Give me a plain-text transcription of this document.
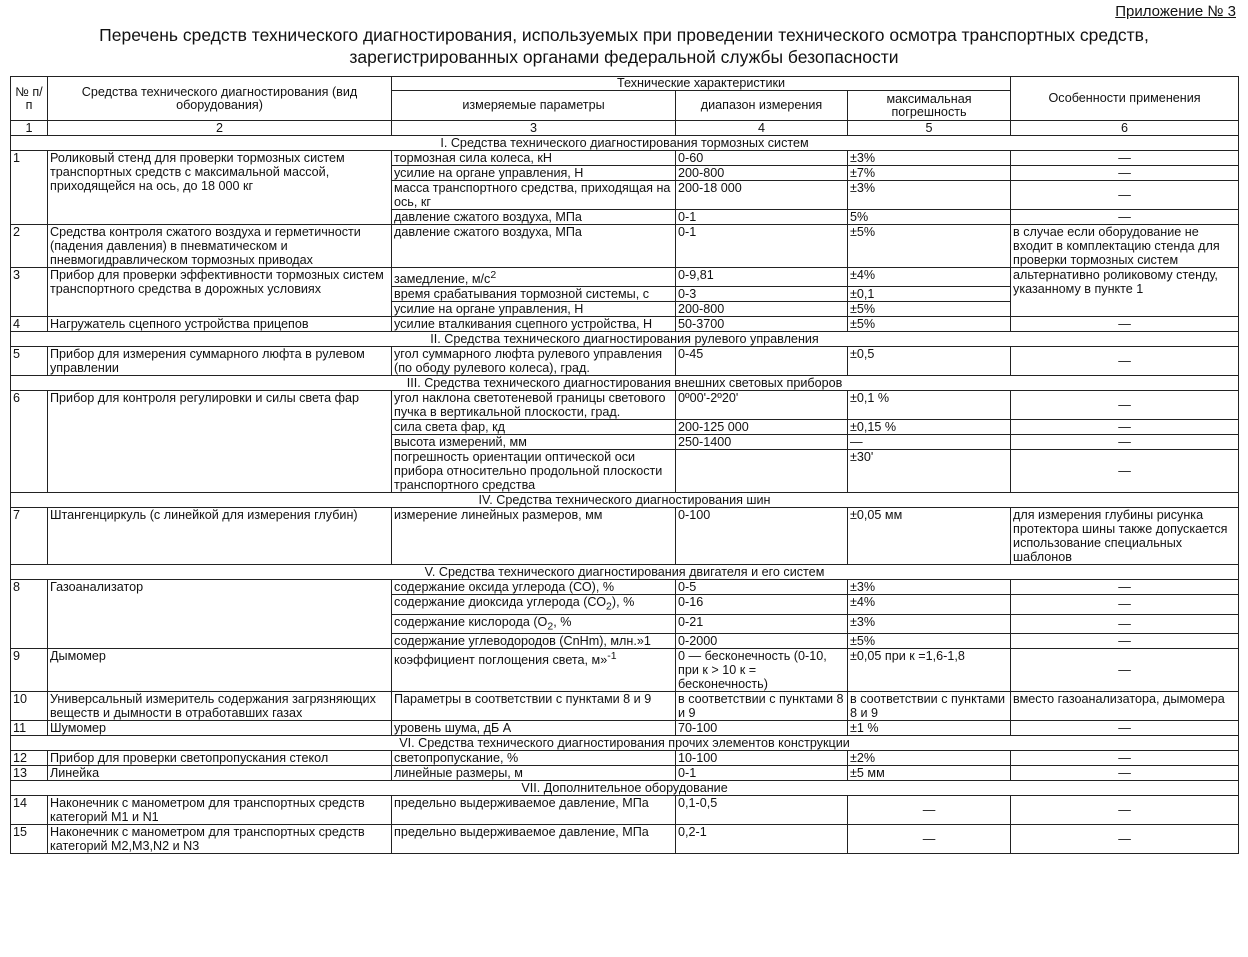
Приложение № 3
Перечень средств технического диагностирования, используемых при проведении технического осмотра транспортных средств,
зарегистрированных органами федеральной службы безопасности
№ п/п	Средства технического диагностирования (вид оборудования)	Технические характеристики			Особенности применения
		измеряемые параметры	диапазон измерения	максимальная погрешность	
1	2	3	4	5	6
I. Средства технического диагностирования тормозных систем					
1	Роликовый стенд для проверки тормозных систем транспортных средств с максимальной массой, приходящейся на ось, до 18 000 кг	тормозная сила колеса, кН	0-60	±3%	—
		усилие на органе управления, Н	200-800	±7%	—
		масса транспортного средства, приходящая на ось, кг	200-18 000	±3%	—
		давление сжатого воздуха, МПа	0-1	5%	—
2	Средства контроля сжатого воздуха и герметичности (падения давления) в пневматическом и пневмогидравлическом тормозных приводах	давление сжатого воздуха, МПа	0-1	±5%	в случае если оборудование не входит в комплектацию стенда для проверки тормозных систем
3	Прибор для проверки эффективности тормозных систем транспортного средства в дорожных условиях	замедление, $м/с^2$	0-9,81	±4%	альтернативно роликовому стенду, указанному в пункте 1
		время срабатывания тормозной системы, с	0-3	±0,1	
		усилие на органе управления, Н	200-800	±5%	
4	Нагружатель сцепного устройства прицепов	усилие вталкивания сцепного устройства, Н	50-3700	±5%	—
II. Средства технического диагностирования рулевого управления					
5	Прибор для измерения суммарного люфта в рулевом управлении	угол суммарного люфта рулевого управления (по ободу рулевого колеса), град.	0-45	±0,5	—
III. Средства технического диагностирования внешних световых приборов					
6	Прибор для контроля регулировки и силы света фар	угол наклона светотеневой границы светового пучка в вертикальной плоскости, град.	0º00'-2º20'	±0,1 %	—
		сила света фар, кд	200-125 000	±0,15 %	—
		высота измерений, мм	250-1400	—	—
		погрешность ориентации оптической оси прибора относительно продольной плоскости транспортного средства		±30'	—
IV. Средства технического диагностирования шин					
7	Штангенциркуль (с линейкой для измерения глубин)	измерение линейных размеров, мм	0-100	±0,05 мм	для измерения глубины рисунка протектора шины также допускается использование специальных шаблонов
V. Средства технического диагностирования двигателя и его систем					
8	Газоанализатор	содержание оксида углерода (СО), %	0-5	±3%	—
		содержание диоксида углерода $(СО_2)$, %	0-16	±4%	—
		содержание кислорода ($О_2$, %	0-21	±3%	—
		содержание углеводородов (СnНm), млн.»1	0-2000	±5%	—
9	Дымомер	коэффициент поглощения света, м»$^{-1}$	0 — бесконечность (0-10, при к > 10 к = бесконечность)	±0,05 при к =1,6-1,8	—
10	Универсальный измеритель содержания загрязняющих веществ и дымности в отработавших газах	Параметры в соответствии с пунктами 8 и 9	в соответствии с пунктами 8 и 9	в соответствии с пунктами 8 и 9	вместо газоанализатора, дымомера
11	Шумомер	уровень шума, дБ А	70-100	±1 %	—
VI. Средства технического диагностирования прочих элементов конструкции					
12	Прибор для проверки светопропускания стекол	светопропускание, %	10-100	±2%	—
13	Линейка	линейные размеры, м	0-1	±5 мм	—
VII. Дополнительное оборудование					
14	Наконечник с манометром для транспортных средств категорий М1 и N1	предельно выдерживаемое давление, МПа	0,1-0,5	—	—
15	Наконечник с манометром для транспортных средств категорий М2,М3,N2 и N3	предельно выдерживаемое давление, МПа	0,2-1	—	—
